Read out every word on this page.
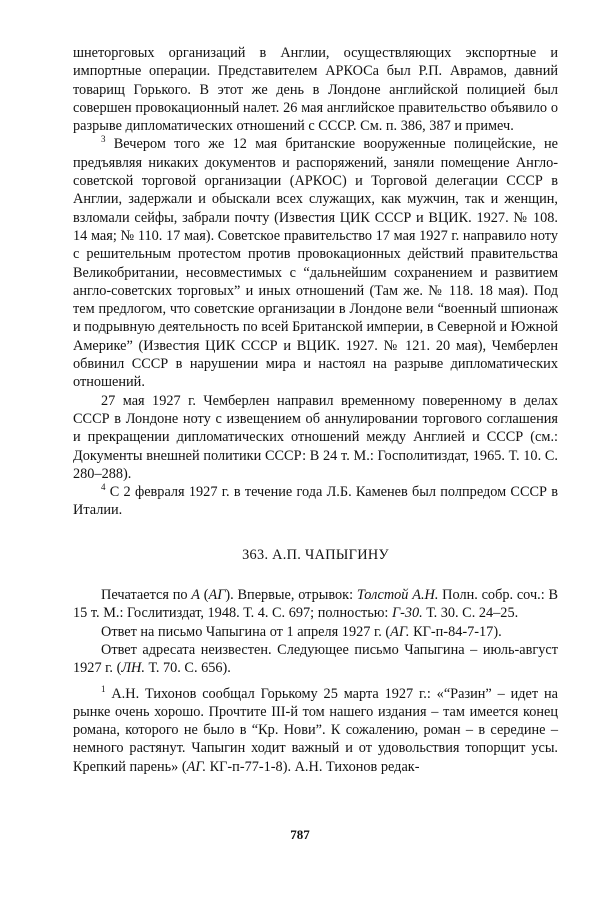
шнеторговых организаций в Англии, осуществляющих экспортные и импортные операции. Представителем АРКОСа был Р.П. Аврамов, давний товарищ Горького. В этот же день в Лондоне английской полицией был совершен провокационный налет. 26 мая английское правительство объявило о разрыве дипломатических отношений с СССР. См. п. 386, 387 и примеч.

$^3$ Вечером того же 12 мая британские вооруженные полицейские, не предъявляя никаких документов и распоряжений, заняли помещение Англо-советской торговой организации (АРКОС) и Торговой делегации СССР в Англии, задержали и обыскали всех служащих, как мужчин, так и женщин, взломали сейфы, забрали почту (Известия ЦИК СССР и ВЦИК. 1927. № 108. 14 мая; № 110. 17 мая). Советское правительство 17 мая 1927 г. направило ноту с решительным протестом против провокационных действий правительства Великобритании, несовместимых с “дальнейшим сохранением и развитием англо-советских торговых” и иных отношений (Там же. № 118. 18 мая). Под тем предлогом, что советские организации в Лондоне вели “военный шпионаж и подрывную деятельность по всей Британской империи, в Северной и Южной Америке” (Известия ЦИК СССР и ВЦИК. 1927. № 121. 20 мая), Чемберлен обвинил СССР в нарушении мира и настоял на разрыве дипломатических отношений.

27 мая 1927 г. Чемберлен направил временному поверенному в делах СССР в Лондоне ноту с извещением об аннулировании торгового соглашения и прекращении дипломатических отношений между Англией и СССР (см.: Документы внешней политики СССР: В 24 т. М.: Госполитиздат, 1965. Т. 10. С. 280–288).

$^4$ С 2 февраля 1927 г. в течение года Л.Б. Каменев был полпредом СССР в Италии.

363. А.П. ЧАПЫГИНУ

Печатается по А (АГ). Впервые, отрывок: Толстой А.Н. Полн. собр. соч.: В 15 т. М.: Гослитиздат, 1948. Т. 4. С. 697; полностью: Г-30. Т. 30. С. 24–25.

Ответ на письмо Чапыгина от 1 апреля 1927 г. (АГ. КГ-п-84-7-17).

Ответ адресата неизвестен. Следующее письмо Чапыгина – июль-август 1927 г. (ЛН. Т. 70. С. 656).

$^1$ А.Н. Тихонов сообщал Горькому 25 марта 1927 г.: «“Разин” – идет на рынке очень хорошо. Прочтите III-й том нашего издания – там имеется конец романа, которого не было в “Кр. Нови”. К сожалению, роман – в середине – немного растянут. Чапыгин ходит важный и от удовольствия топорщит усы. Крепкий парень» (АГ. КГ-п-77-1-8). А.Н. Тихонов редак-

787
